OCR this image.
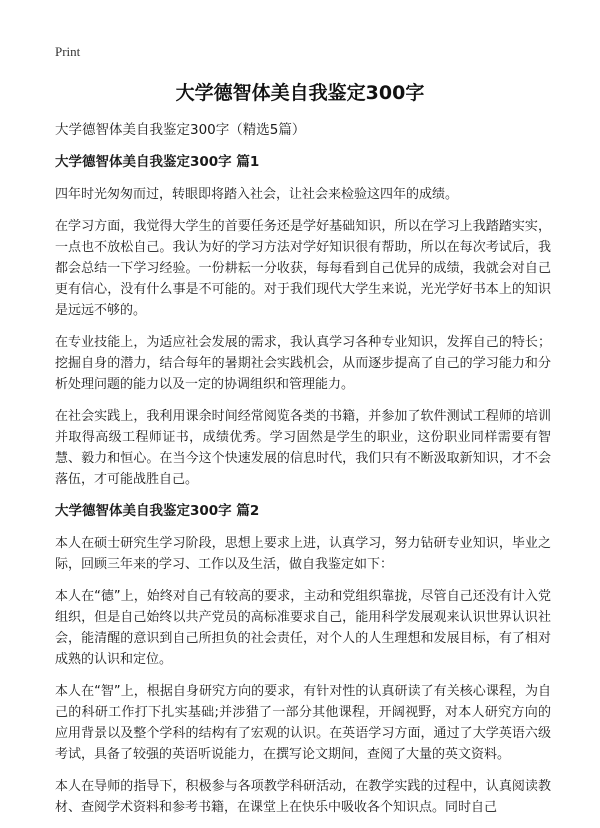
Print
大学德智体美自我鉴定300字

大学德智体美自我鉴定300字（精选5篇）

大学德智体美自我鉴定300字 篇1

四年时光匆匆而过，转眼即将踏入社会，让社会来检验这四年的成绩。

在学习方面，我觉得大学生的首要任务还是学好基础知识，所以在学习上我踏踏实实，一点也不放松自己。我认为好的学习方法对学好知识很有帮助，所以在每次考试后，我都会总结一下学习经验。一份耕耘一分收获，每每看到自己优异的成绩，我就会对自己更有信心，没有什么事是不可能的。对于我们现代大学生来说，光光学好书本上的知识是远远不够的。

在专业技能上，为适应社会发展的需求，我认真学习各种专业知识，发挥自己的特长；挖掘自身的潜力，结合每年的暑期社会实践机会，从而逐步提高了自己的学习能力和分析处理问题的能力以及一定的协调组织和管理能力。

在社会实践上，我利用课余时间经常阅览各类的书籍，并参加了软件测试工程师的培训并取得高级工程师证书，成绩优秀。学习固然是学生的职业，这份职业同样需要有智慧、毅力和恒心。在当今这个快速发展的信息时代，我们只有不断汲取新知识，才不会落伍，才可能战胜自己。

大学德智体美自我鉴定300字 篇2

本人在硕士研究生学习阶段，思想上要求上进，认真学习，努力钻研专业知识，毕业之际，回顾三年来的学习、工作以及生活，做自我鉴定如下：

本人在“德”上，始终对自己有较高的要求，主动和党组织靠拢，尽管自己还没有计入党组织，但是自己始终以共产党员的高标准要求自己，能用科学发展观来认识世界认识社会，能清醒的意识到自己所担负的社会责任，对个人的人生理想和发展目标，有了相对成熟的认识和定位。

本人在“智”上，根据自身研究方向的要求，有针对性的认真研读了有关核心课程，为自己的科研工作打下扎实基础;并涉猎了一部分其他课程，开阔视野，对本人研究方向的应用背景以及整个学科的结构有了宏观的认识。在英语学习方面，通过了大学英语六级考试，具备了较强的英语听说能力，在撰写论文期间，查阅了大量的英文资料。

本人在导师的指导下，积极参与各项教学科研活动，在教学实践的过程中，认真阅读教材、查阅学术资料和参考书籍，在课堂上在快乐中吸收各个知识点。同时自己
